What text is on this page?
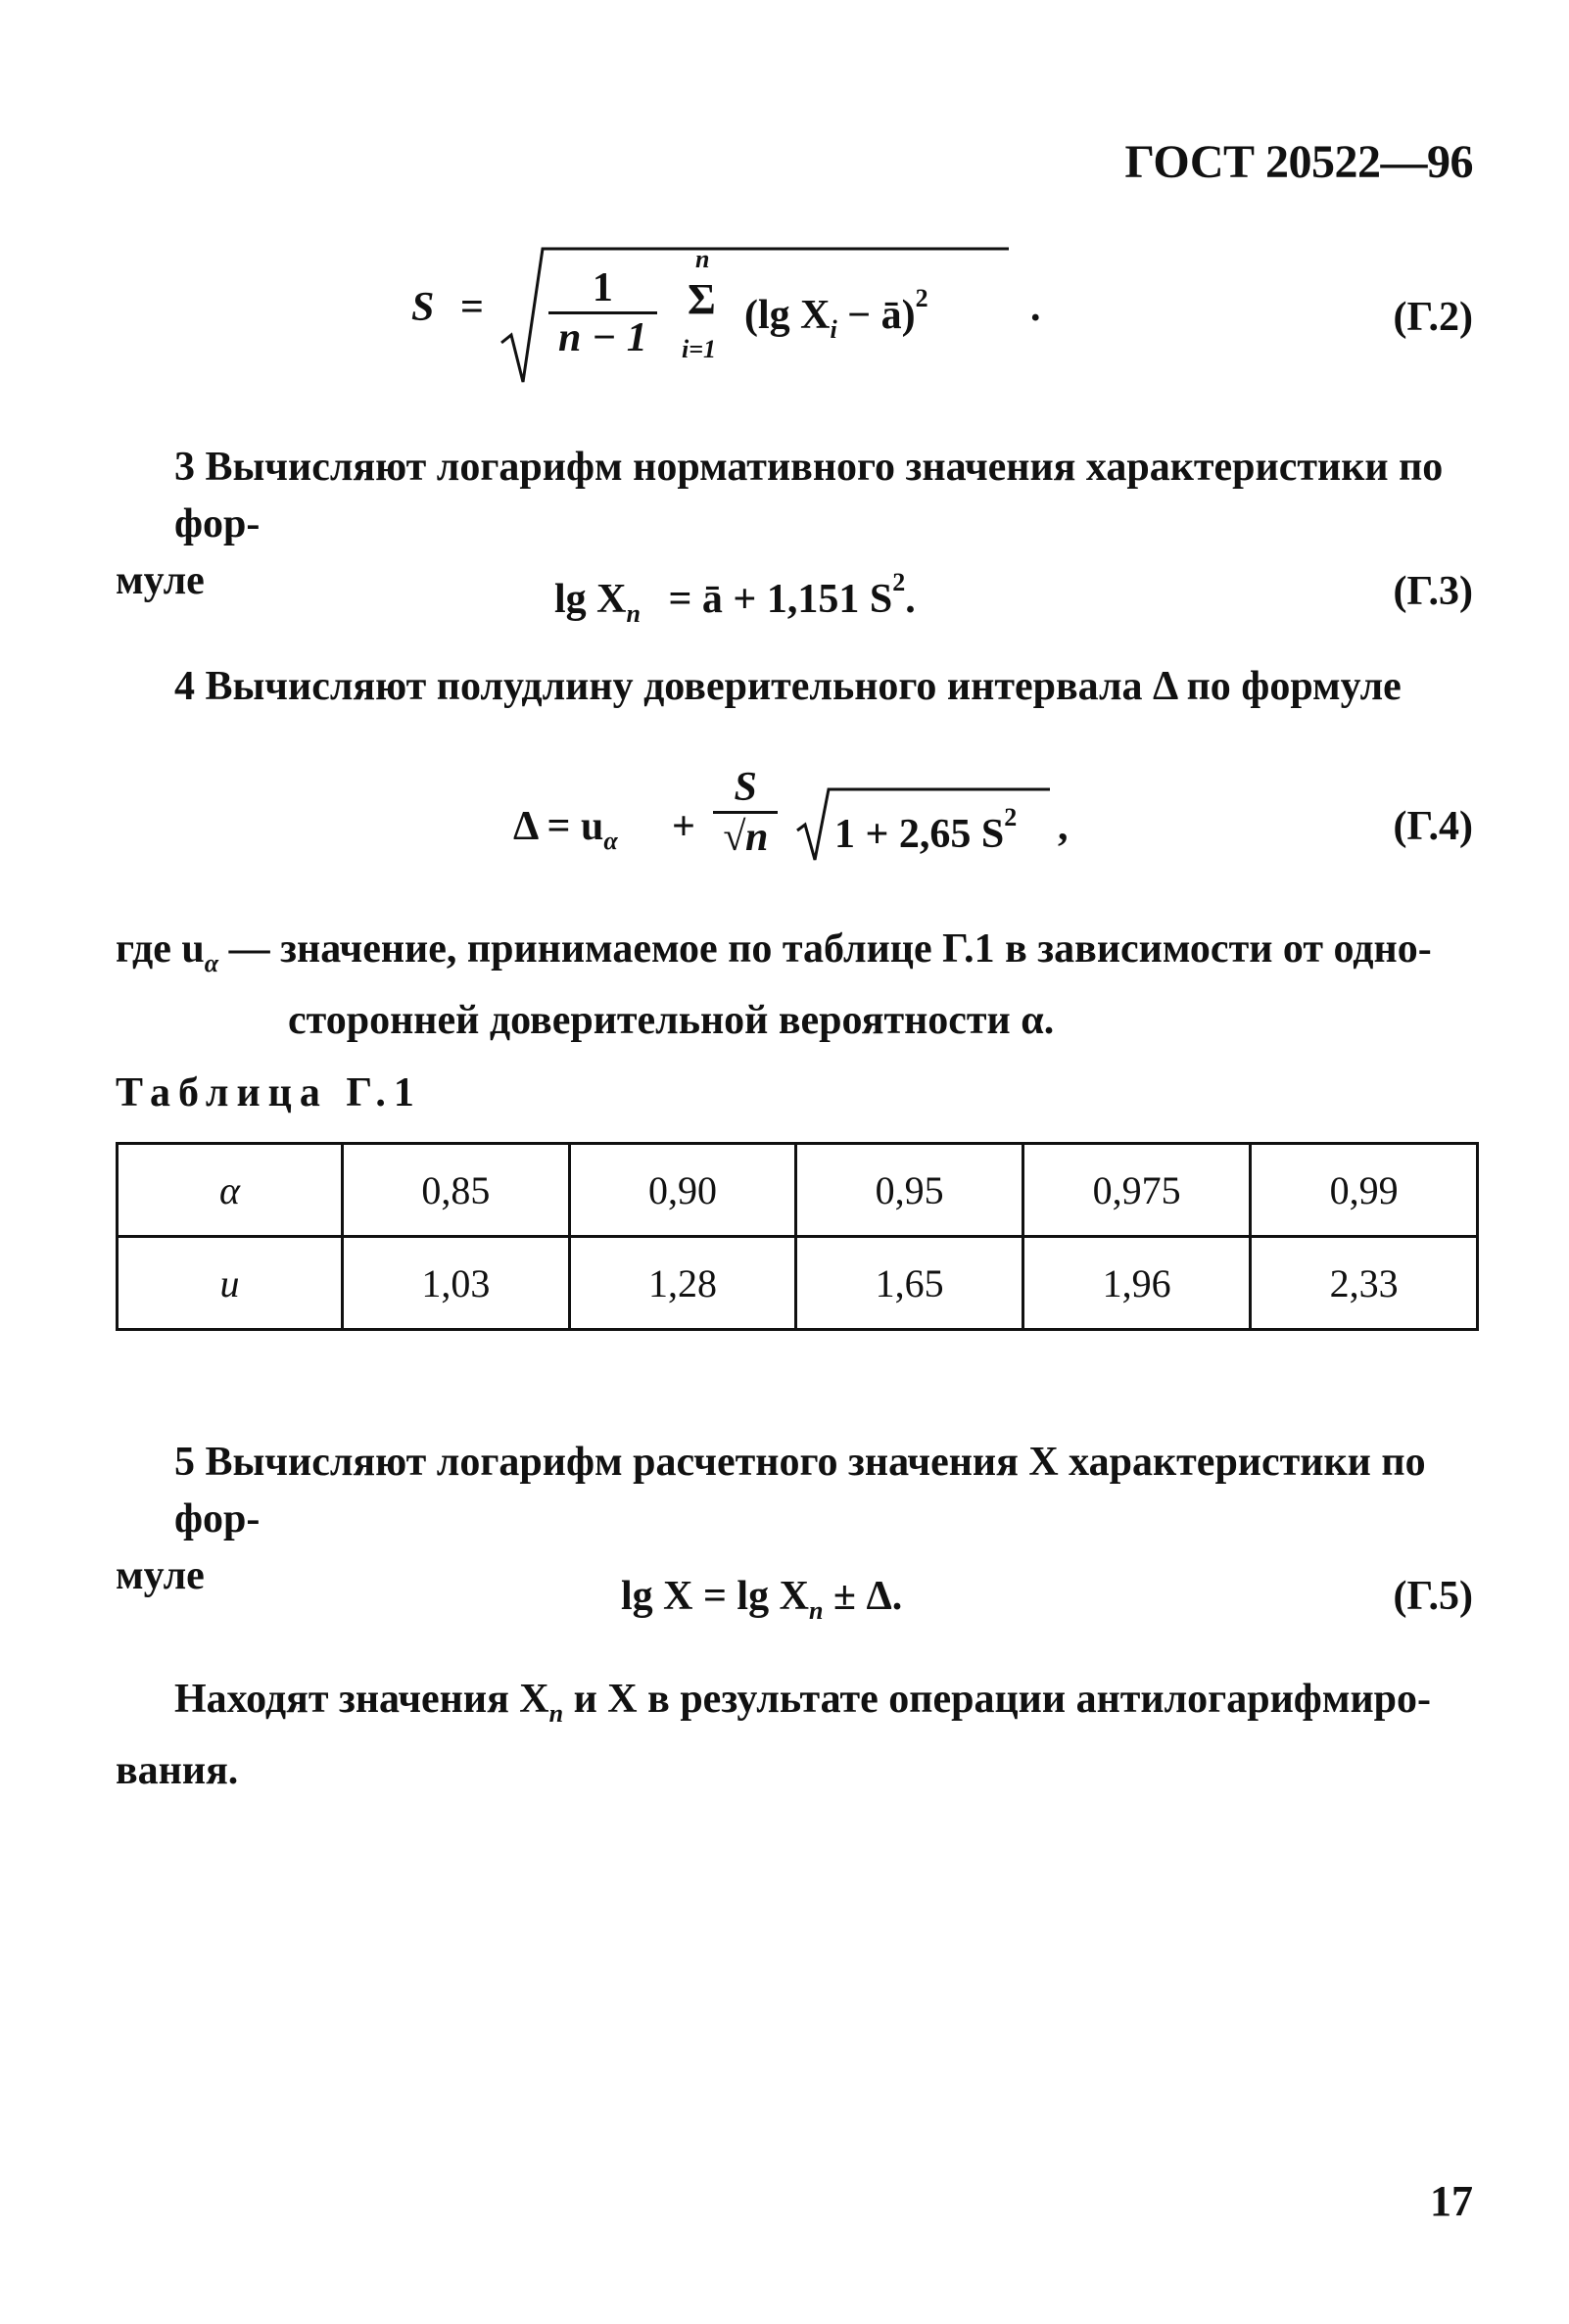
ГОСТ 20522—96
$S = \frac{1}{n - 1}$
n
Σ
i=1
(lg $X_i$ − ā)$^2$ .	(Г.2)
3 Вычисляют логарифм нормативного значения характеристики по фор-
муле	$\lg X_n$ = ā + 1,151 $S^2$.	(Г.3)
4 Вычисляют полудлину доверительного интервала Δ по формуле
$\Delta = u_\alpha + \frac{S}{√n} 1 + 2,65$ $S^2$ ,	(Г.4)
где $u_\alpha$ — значение, принимаемое по таблице Г.1 в зависимости от одно-
сторонней доверительной вероятности α.
Таблица Г.1
α	0,85	0,90	0,95	0,975	0,99
u	1,03	1,28	1,65	1,96	2,33
5 Вычисляют логарифм расчетного значения X характеристики по фор-
муле	$\lg X = \lg X_n \pm \Delta$.	(Г.5)
Находят значения $X_n$ и X в результате операции антилогарифмиро-
вания.
17
